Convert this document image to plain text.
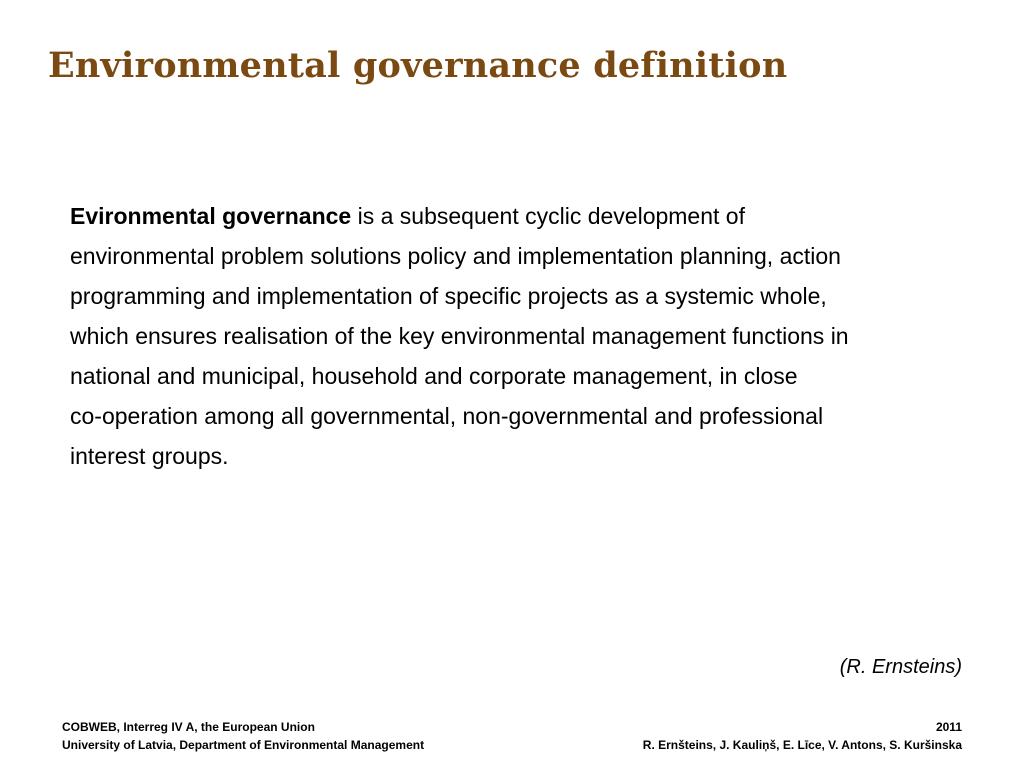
Environmental governance definition

Evironmental governance is a subsequent cyclic development of

environmental problem solutions policy and implementation planning, action

programming and implementation of specific projects as a systemic whole,

which ensures realisation of the key environmental management functions in

national and municipal, household and corporate management, in close

co-operation among all governmental, non-governmental and professional

interest groups.

(R. Ernsteins)
COBWEB, Interreg IV A, the European Union
University of Latvia, Department of Environmental Management
2011
R. Ernšteins, J. Kauliņš, E. Līce, V. Antons, S. Kuršinska
